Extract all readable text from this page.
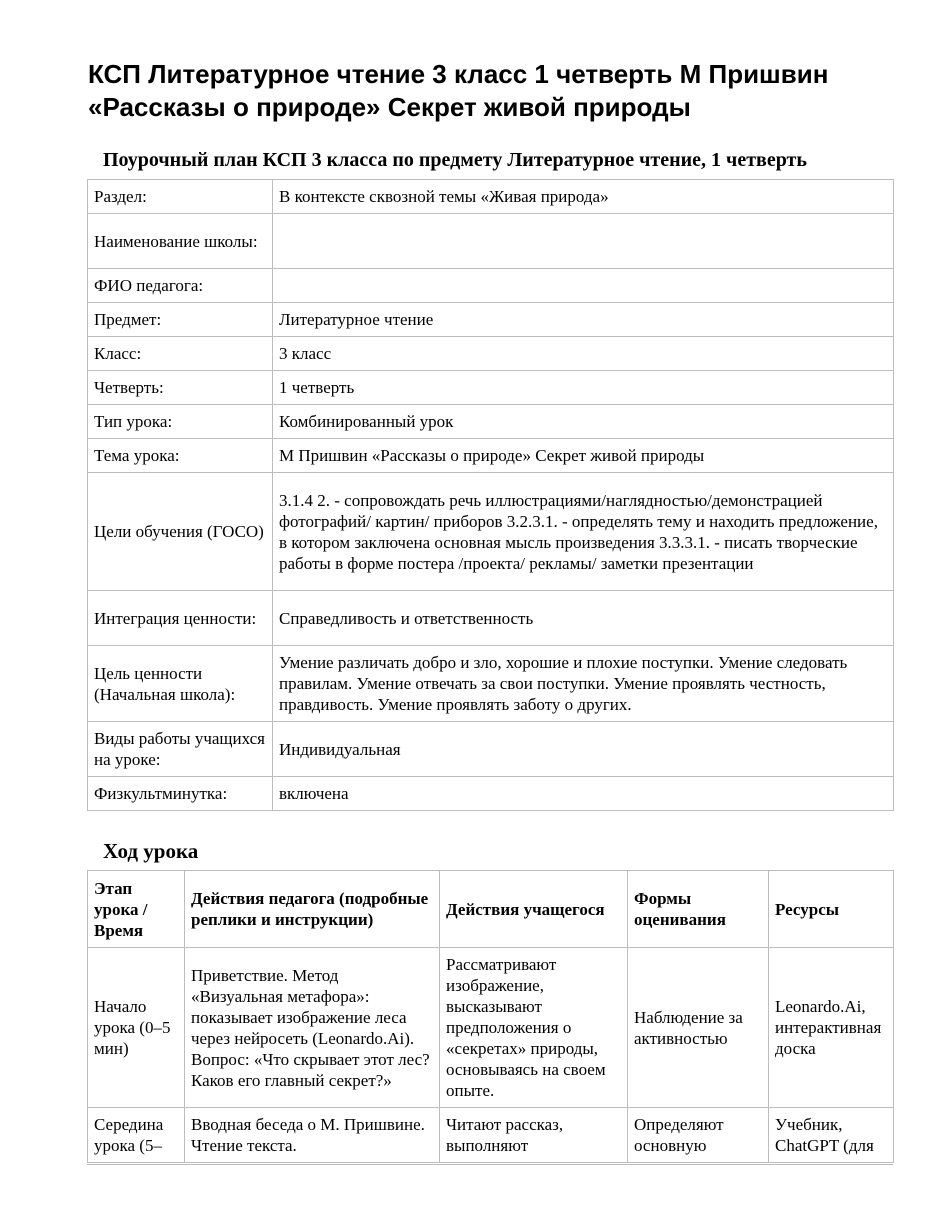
КСП Литературное чтение 3 класс 1 четверть М Пришвин «Рассказы о природе» Секрет живой природы
Поурочный план КСП 3 класса по предмету Литературное чтение, 1 четверть
Раздел:	В контексте сквозной темы «Живая природа»
Наименование школы:	
ФИО педагога:	
Предмет:	Литературное чтение
Класс:	3 класс
Четверть:	1 четверть
Тип урока:	Комбинированный урок
Тема урока:	М Пришвин «Рассказы о природе» Секрет живой природы
Цели обучения (ГОСО)	3.1.4 2. - сопровождать речь иллюстрациями/наглядностью/демонстрацией фотографий/ картин/ приборов 3.2.3.1. - определять тему и находить предложение, в котором заключена основная мысль произведения 3.3.3.1. - писать творческие работы в форме постера /проекта/ рекламы/ заметки презентации
Интеграция ценности:	Справедливость и ответственность
Цель ценности (Начальная школа):	Умение различать добро и зло, хорошие и плохие поступки. Умение следовать правилам. Умение отвечать за свои поступки. Умение проявлять честность, правдивость. Умение проявлять заботу о других.
Виды работы учащихся на уроке:	Индивидуальная
Физкультминутка:	включена
Ход урока
Этап урока / Время	Действия педагога (подробные реплики и инструкции)	Действия учащегося	Формы оценивания	Ресурсы
Начало урока (0–5 мин)	Приветствие. Метод «Визуальная метафора»: показывает изображение леса через нейросеть (Leonardo.Ai). Вопрос: «Что скрывает этот лес? Каков его главный секрет?»	Рассматривают изображение, высказывают предположения о «секретах» природы, основываясь на своем опыте.	Наблюдение за активностью	Leonardo.Ai, интерактивная доска
Середина урока (5–	Вводная беседа о М. Пришвине. Чтение текста.	Читают рассказ, выполняют	Определяют основную	Учебник, ChatGPT (для
